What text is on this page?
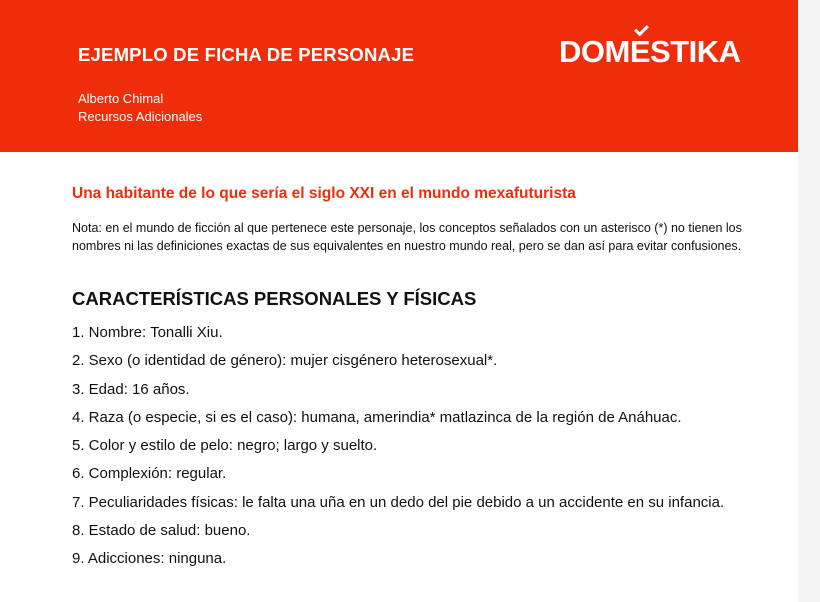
EJEMPLO DE FICHA DE PERSONAJE	DOM
ESTIKA
Alberto Chimal
Recursos Adicionales
Una habitante de lo que sería el siglo XXI en el mundo mexafuturista
Nota: en el mundo de ficción al que pertenece este personaje, los conceptos señalados con un asterisco (*) no tienen los nombres ni las definiciones exactas de sus equivalentes en nuestro mundo real, pero se dan así para evitar confusiones.
CARACTERÍSTICAS PERSONALES Y FÍSICAS
1. Nombre: Tonalli Xiu.
2. Sexo (o identidad de género): mujer cisgénero heterosexual*.
3. Edad: 16 años.
4. Raza (o especie, si es el caso): humana, amerindia* matlazinca de la región de Anáhuac.
5. Color y estilo de pelo: negro; largo y suelto.
6. Complexión: regular.
7. Peculiaridades físicas: le falta una uña en un dedo del pie debido a un accidente en su infancia.
8. Estado de salud: bueno.
9. Adicciones: ninguna.
